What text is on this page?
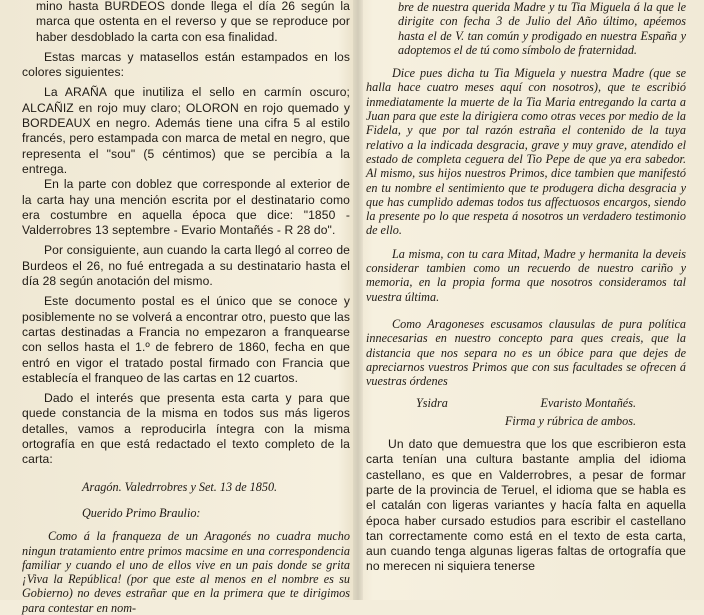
mino hasta BURDEOS donde llega el día 26 según la marca que ostenta en el reverso y que se reproduce por haber desdoblado la carta con esa finalidad.

Estas marcas y matasellos están estampados en los colores siguientes:

La ARAÑA que inutiliza el sello en carmín oscuro; ALCAÑIZ en rojo muy claro; OLORON en rojo quemado y BORDEAUX en negro. Además tiene una cifra 5 al estilo francés, pero estampada con marca de metal en negro, que representa el "sou" (5 céntimos) que se percibía a la entrega.

En la parte con doblez que corresponde al exterior de la carta hay una mención escrita por el destinatario como era costumbre en aquella época que dice: "1850 - Valderrobres 13 septembre - Evario Montañés - R 28 do".

Por consiguiente, aun cuando la carta llegó al correo de Burdeos el 26, no fué entregada a su destinatario hasta el día 28 según anotación del mismo.

Este documento postal es el único que se conoce y posiblemente no se volverá a encontrar otro, puesto que las cartas destinadas a Francia no empezaron a franquearse con sellos hasta el 1.º de febrero de 1860, fecha en que entró en vigor el tratado postal firmado con Francia que establecía el franqueo de las cartas en 12 cuartos.

Dado el interés que presenta esta carta y para que quede constancia de la misma en todos sus más ligeros detalles, vamos a reproducirla íntegra con la misma ortografía en que está redactado el texto completo de la carta:

Aragón. Valedrrobres y Set. 13 de 1850.

Querido Primo Braulio:

Como á la franqueza de un Aragonés no cuadra mucho ningun tratamiento entre primos macsime en una correspondencia familiar y cuando el uno de ellos vive en un pais donde se grita ¡Viva la República! (por que este al menos en el nombre es su Gobierno) no deves estrañar que en la primera que te dirigimos para contestar en nom-

bre de nuestra querida Madre y tu Tia Miguela á la que le dirigite con fecha 3 de Julio del Año último, apéemos hasta el de V. tan común y prodigado en nuestra España y adoptemos el de tú como símbolo de fraternidad.

Dice pues dicha tu Tia Miguela y nuestra Madre (que se halla hace cuatro meses aquí con nosotros), que te escribió inmediatamente la muerte de la Tia Maria entregando la carta a Juan para que este la dirigiera como otras veces por medio de la Fidela, y que por tal razón estraña el contenido de la tuya relativo a la indicada desgracia, grave y muy grave, atendido el estado de completa ceguera del Tio Pepe de que ya era sabedor. Al mismo, sus hijos nuestros Primos, dice tambien que manifestó en tu nombre el sentimiento que te produgera dicha desgracia y que has cumplido ademas todos tus affectuosos encargos, siendo la presente po lo que respeta á nosotros un verdadero testimonio de ello.

La misma, con tu cara Mitad, Madre y hermanita la deveis considerar tambien como un recuerdo de nuestro cariño y memoria, en la propia forma que nosotros consideramos tal vuestra última.

Como Aragoneses escusamos clausulas de pura política innecesarias en nuestro concepto para ques creais, que la distancia que nos separa no es un óbice para que dejes de apreciarnos vuestros Primos que con sus facultades se ofrecen á vuestras órdenes

Ysidra	Evaristo Montañés.

Firma y rúbrica de ambos.

Un dato que demuestra que los que escribieron esta carta tenían una cultura bastante amplia del idioma castellano, es que en Valderrobres, a pesar de formar parte de la provincia de Teruel, el idioma que se habla es el catalán con ligeras variantes y hacía falta en aquella época haber cursado estudios para escribir el castellano tan correctamente como está en el texto de esta carta, aun cuando tenga algunas ligeras faltas de ortografía que no merecen ni siquiera tenerse
